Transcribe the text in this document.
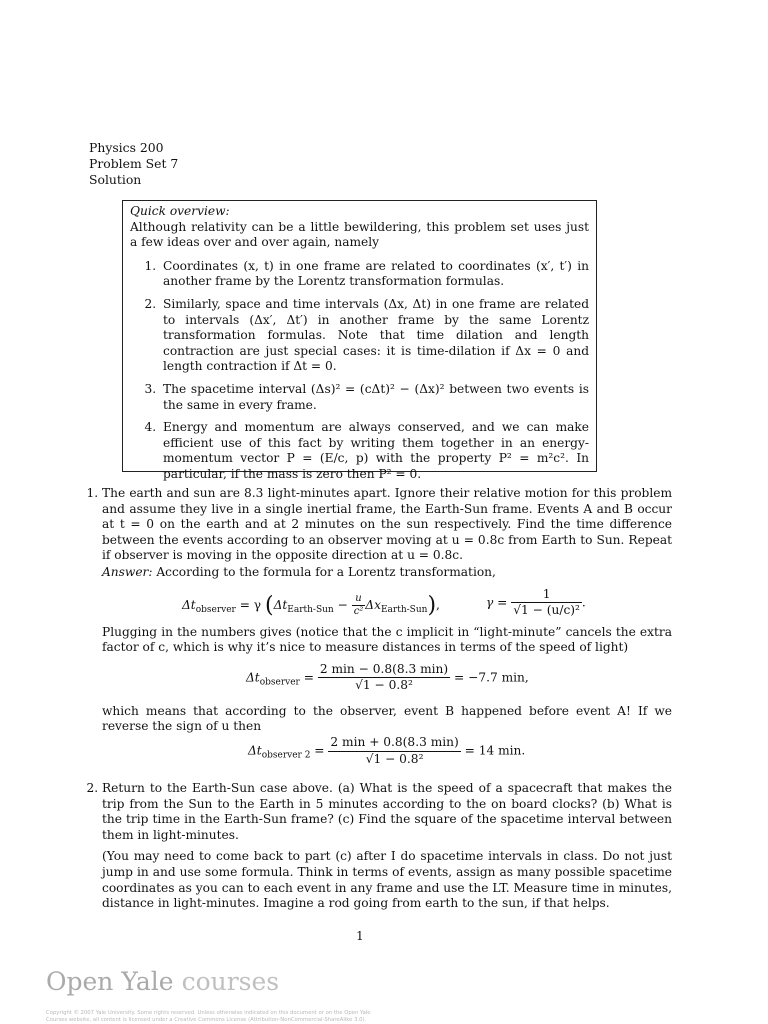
Physics 200
Problem Set 7
Solution

Quick overview:

Although relativity can be a little bewildering, this problem set uses just a few ideas over and over again, namely

1. Coordinates (x, t) in one frame are related to coordinates (x′, t′) in another frame by the Lorentz transformation formulas.
2. Similarly, space and time intervals (Δx, Δt) in one frame are related to intervals (Δx′, Δt′) in another frame by the same Lorentz transformation formulas. Note that time dilation and length contraction are just special cases: it is time-dilation if Δx = 0 and length contraction if Δt = 0.
3. The spacetime interval (Δs)² = (cΔt)² − (Δx)² between two events is the same in every frame.
4. Energy and momentum are always conserved, and we can make efficient use of this fact by writing them together in an energy-momentum vector P = (E/c, p) with the property P² = m²c². In particular, if the mass is zero then P² = 0.

1. The earth and sun are 8.3 light-minutes apart. Ignore their relative motion for this problem and assume they live in a single inertial frame, the Earth-Sun frame. Events A and B occur at t = 0 on the earth and at 2 minutes on the sun respectively. Find the time difference between the events according to an observer moving at u = 0.8c from Earth to Sun. Repeat if observer is moving in the opposite direction at u = 0.8c.

Answer: According to the formula for a Lorentz transformation,

$\Delta t_{observer} = \gamma$ $(\Delta t_{Earth-Sun} - \frac{u}{\text{c²}} \Delta x_{Earth-Sun})$,	$\gamma = \frac{1}{\text{√1 − (u/c)²}}$ .

Plugging in the numbers gives (notice that the c implicit in “light-minute” cancels the extra factor of c, which is why it’s nice to measure distances in terms of the speed of light)

$\Delta t_{observer} = \frac{2 \min - 0.8(8.3 \min)}{\text{√1 − 0.8²}} = -7.7$ min,

which means that according to the observer, event B happened before event A! If we reverse the sign of u then

$\Delta t_{observer 2} = \frac{2 \min + 0.8(8.3 \min)}{\text{√1 − 0.8²}} = 14$ min.

2. Return to the Earth-Sun case above. (a) What is the speed of a spacecraft that makes the trip from the Sun to the Earth in 5 minutes according to the on board clocks? (b) What is the trip time in the Earth-Sun frame? (c) Find the square of the spacetime interval between them in light-minutes.

(You may need to come back to part (c) after I do spacetime intervals in class. Do not just jump in and use some formula. Think in terms of events, assign as many possible spacetime coordinates as you can to each event in any frame and use the LT. Measure time in minutes, distance in light-minutes. Imagine a rod going from earth to the sun, if that helps.

1
Open Yale courses
Copyright © 2007 Yale University. Some rights reserved. Unless otherwise indicated on this document or on the Open Yale
Courses website, all content is licensed under a Creative Commons License (Attribution-NonCommercial-ShareAlike 3.0).
